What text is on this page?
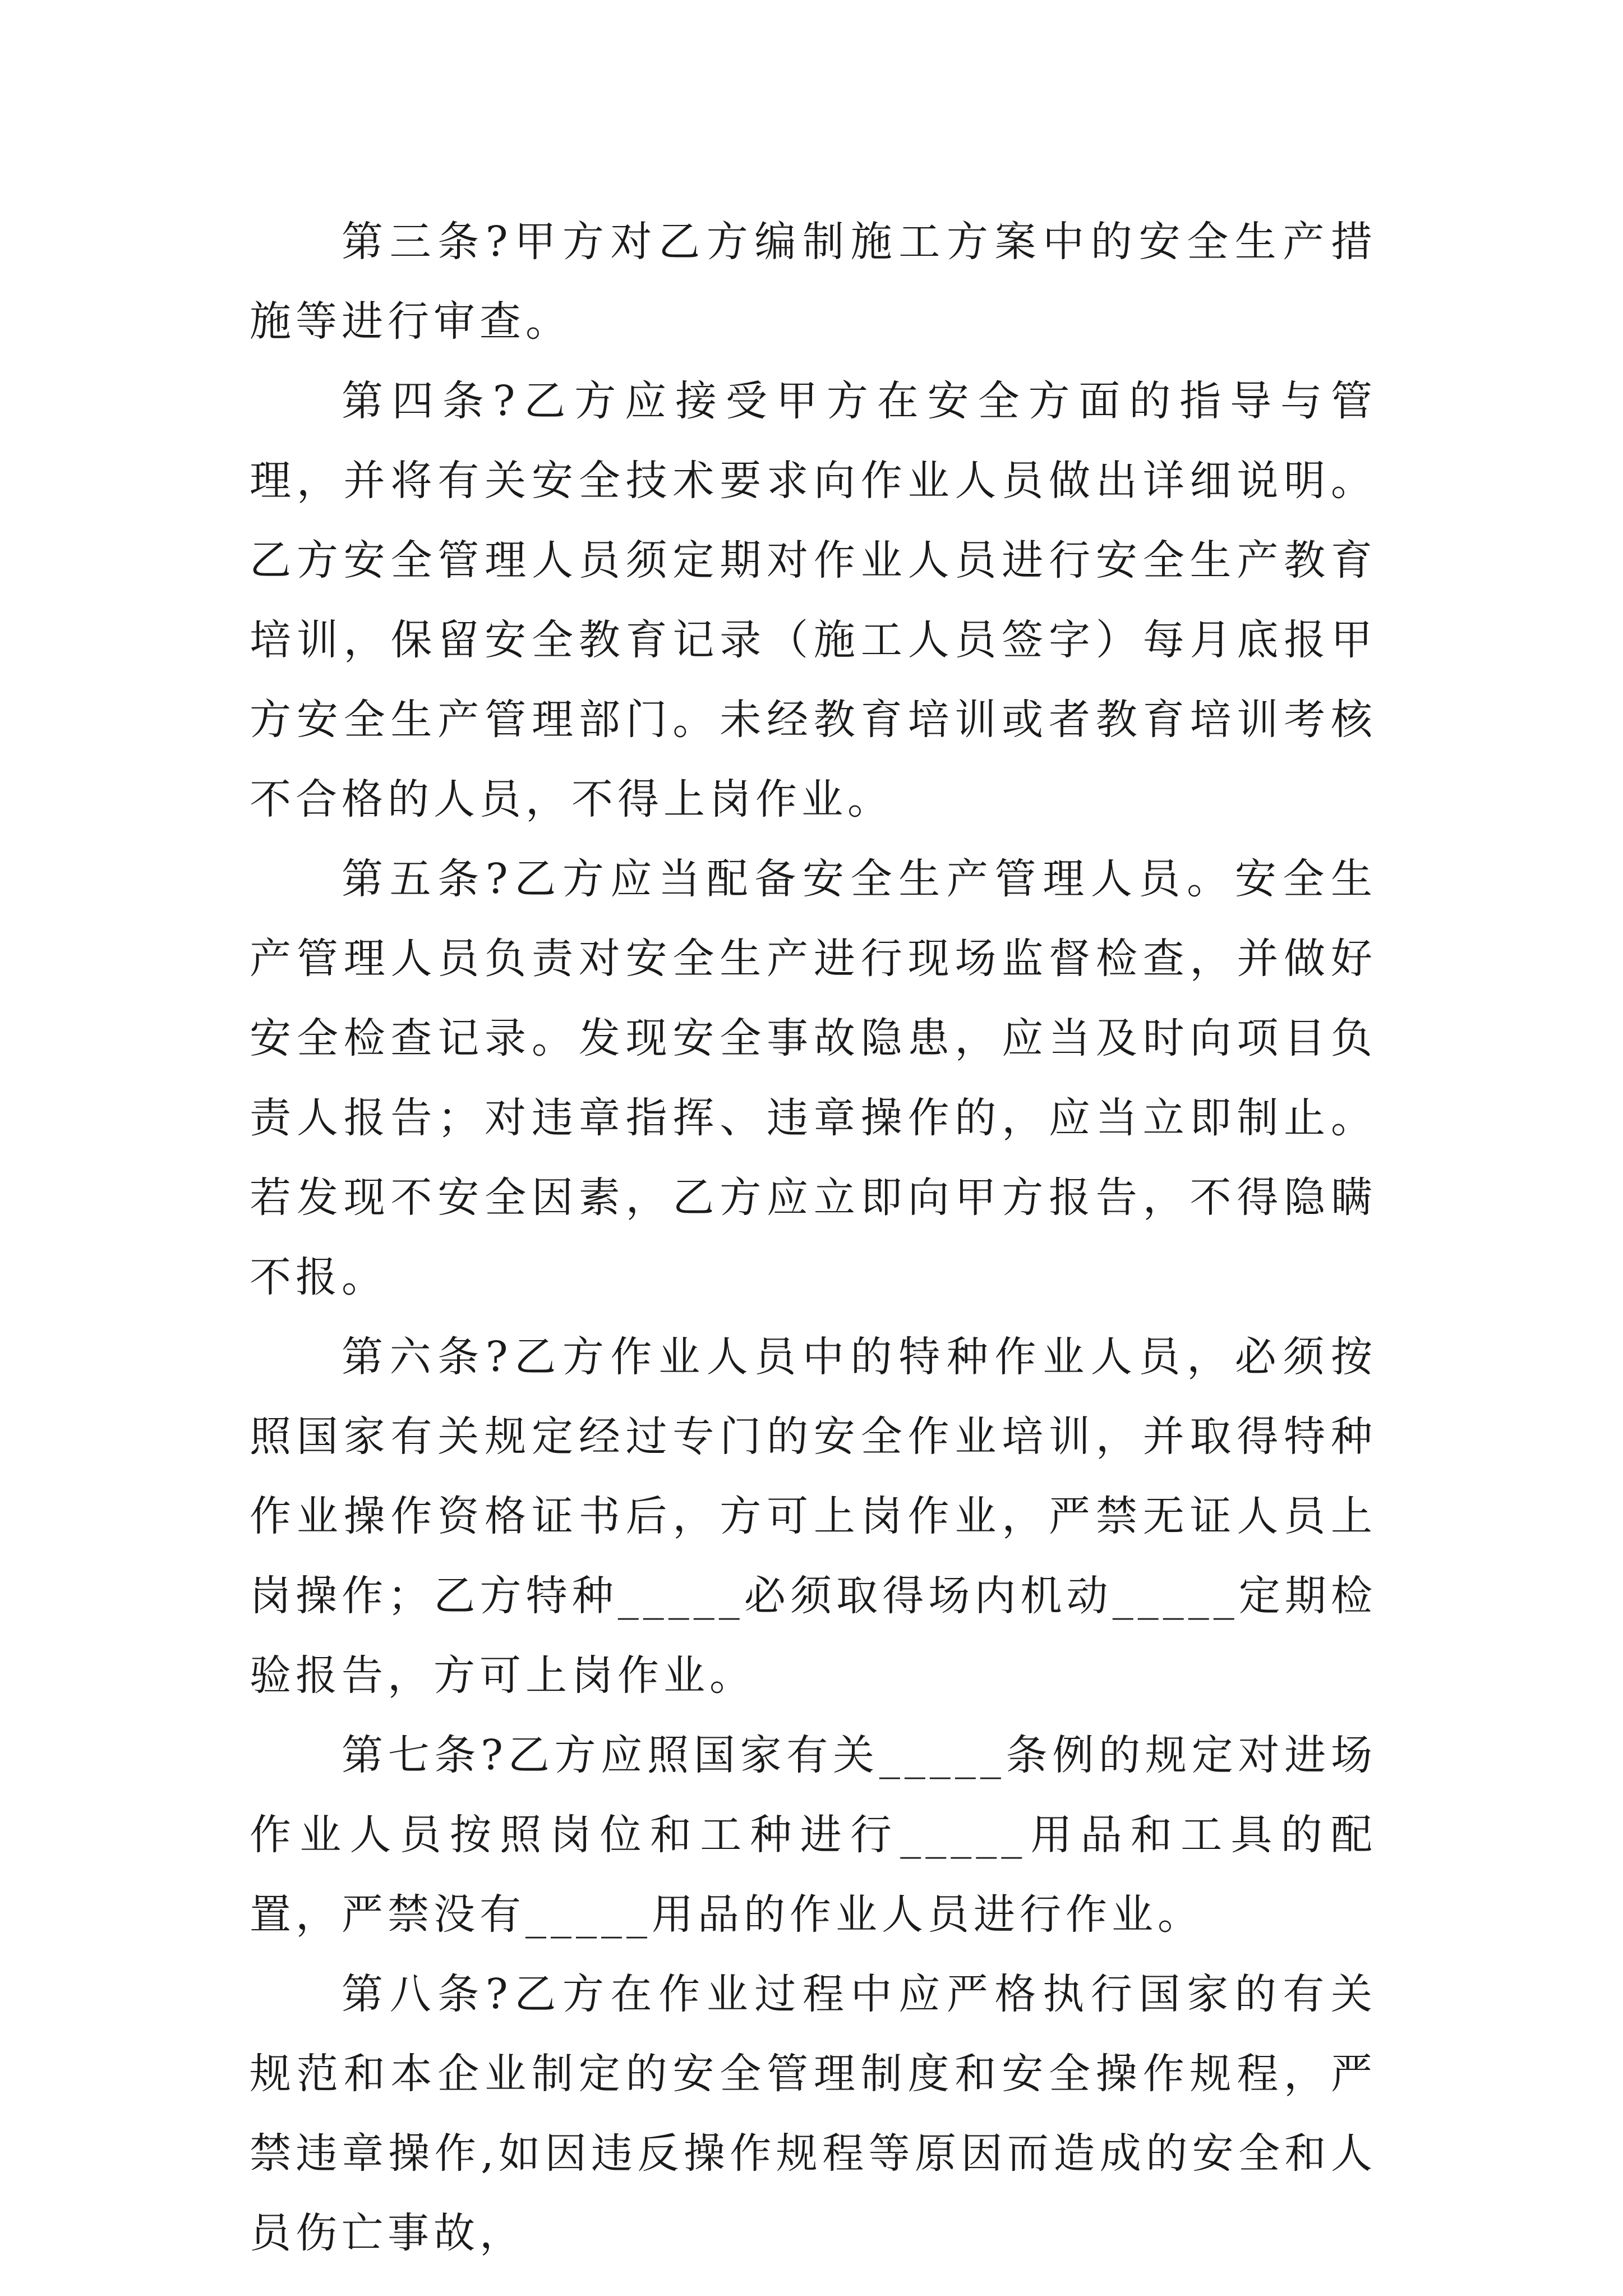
第三条?甲方对乙方编制施工方案中的安全生产措施等进行审查。

第四条?乙方应接受甲方在安全方面的指导与管理，并将有关安全技术要求向作业人员做出详细说明。乙方安全管理人员须定期对作业人员进行安全生产教育培训，保留安全教育记录（施工人员签字）每月底报甲方安全生产管理部门。未经教育培训或者教育培训考核不合格的人员，不得上岗作业。

第五条?乙方应当配备安全生产管理人员。安全生产管理人员负责对安全生产进行现场监督检查，并做好安全检查记录。发现安全事故隐患，应当及时向项目负责人报告；对违章指挥、违章操作的，应当立即制止。若发现不安全因素，乙方应立即向甲方报告，不得隐瞒不报。

第六条?乙方作业人员中的特种作业人员，必须按照国家有关规定经过专门的安全作业培训，并取得特种作业操作资格证书后，方可上岗作业，严禁无证人员上岗操作；乙方特种_____必须取得场内机动_____定期检验报告，方可上岗作业。

第七条?乙方应照国家有关_____条例的规定对进场作业人员按照岗位和工种进行_____用品和工具的配置，严禁没有_____用品的作业人员进行作业。

第八条?乙方在作业过程中应严格执行国家的有关规范和本企业制定的安全管理制度和安全操作规程，严禁违章操作,如因违反操作规程等原因而造成的安全和人员伤亡事故，
